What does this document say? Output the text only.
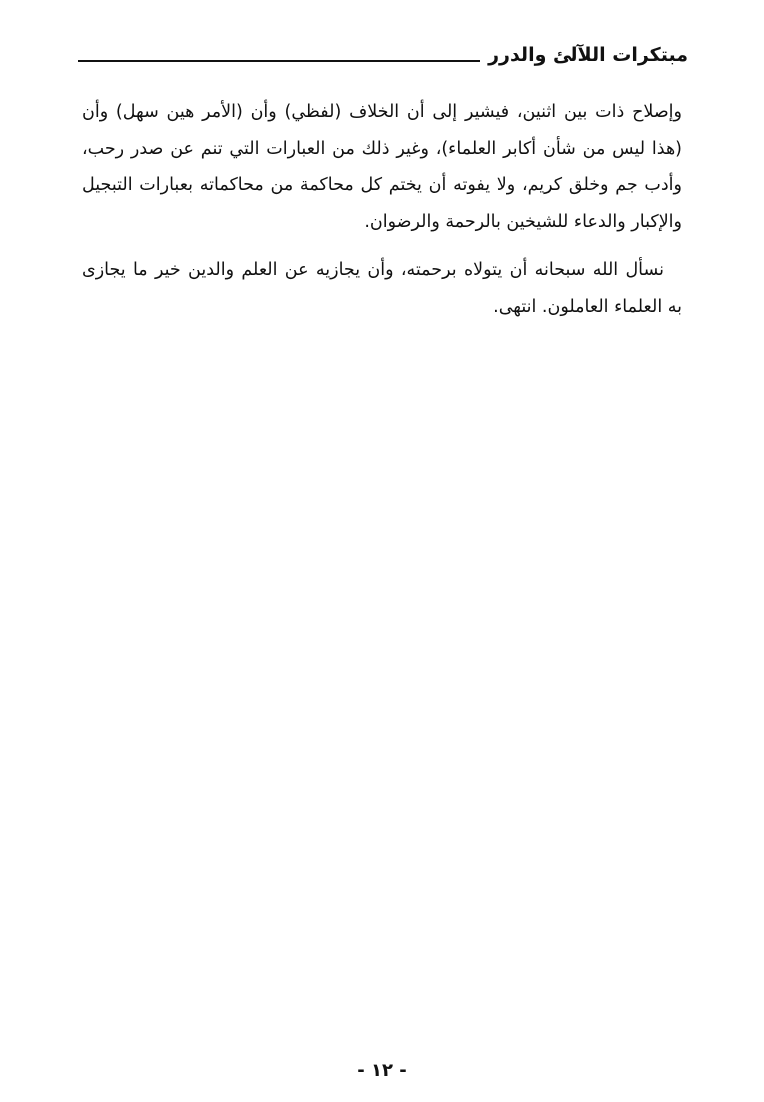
مبتكرات اللآلئ والدرر
وإصلاح ذات بين اثنين، فيشير إلى أن الخلاف (لفظي) وأن (الأمر هين سهل) وأن
(هذا ليس من شأن أكابر العلماء)، وغير ذلك من العبارات التي تنم عن صدر رحب،
وأدب جم وخلق كريم، ولا يفوته أن يختم كل محاكمة من محاكماته بعبارات التبجيل
والإكبار والدعاء للشيخين بالرحمة والرضوان.
نسأل الله سبحانه أن يتولاه برحمته، وأن يجازيه عن العلم والدين خير ما يجازى
به العلماء العاملون. انتهى.
- ١٢ -
